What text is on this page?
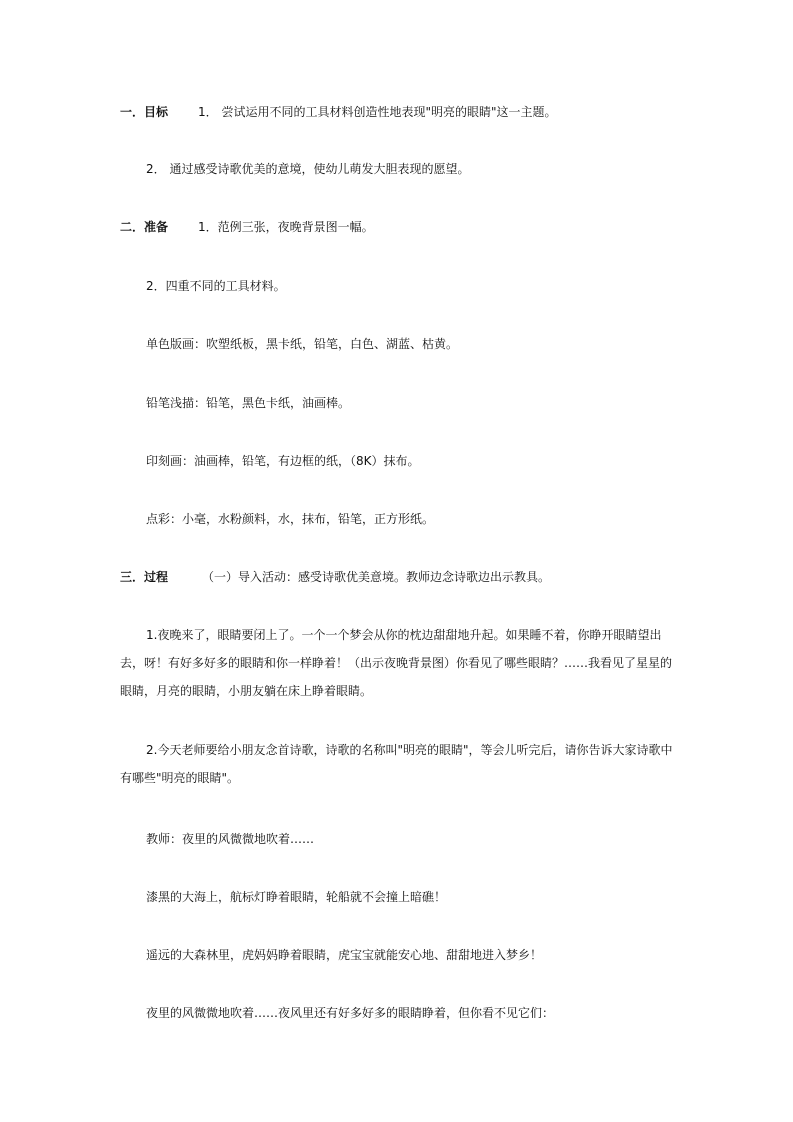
一．目标 1． 尝试运用不同的工具材料创造性地表现"明亮的眼睛"这一主题。
2． 通过感受诗歌优美的意境，使幼儿萌发大胆表现的愿望。
二．准备 1．范例三张，夜晚背景图一幅。
2．四重不同的工具材料。
单色版画：吹塑纸板，黑卡纸，铅笔，白色、湖蓝、枯黄。
铅笔浅描：铅笔，黑色卡纸，油画棒。
印刻画：油画棒，铅笔，有边框的纸，（8K）抹布。
点彩：小毫，水粉颜料，水，抹布，铅笔，正方形纸。
三．过程	（一）导入活动：感受诗歌优美意境。教师边念诗歌边出示教具。
1.夜晚来了，眼睛要闭上了。一个一个梦会从你的枕边甜甜地升起。如果睡不着，你睁开眼睛望出去，呀！有好多好多的眼睛和你一样睁着！（出示夜晚背景图）你看见了哪些眼睛？……我看见了星星的眼睛，月亮的眼睛，小朋友躺在床上睁着眼睛。
2.今天老师要给小朋友念首诗歌，诗歌的名称叫"明亮的眼睛"，等会儿听完后，请你告诉大家诗歌中有哪些"明亮的眼睛"。
教师：夜里的风微微地吹着……
漆黑的大海上，航标灯睁着眼睛，轮船就不会撞上暗礁！
遥远的大森林里，虎妈妈睁着眼睛，虎宝宝就能安心地、甜甜地进入梦乡！
夜里的风微微地吹着……夜风里还有好多好多的眼睛睁着，但你看不见它们：
